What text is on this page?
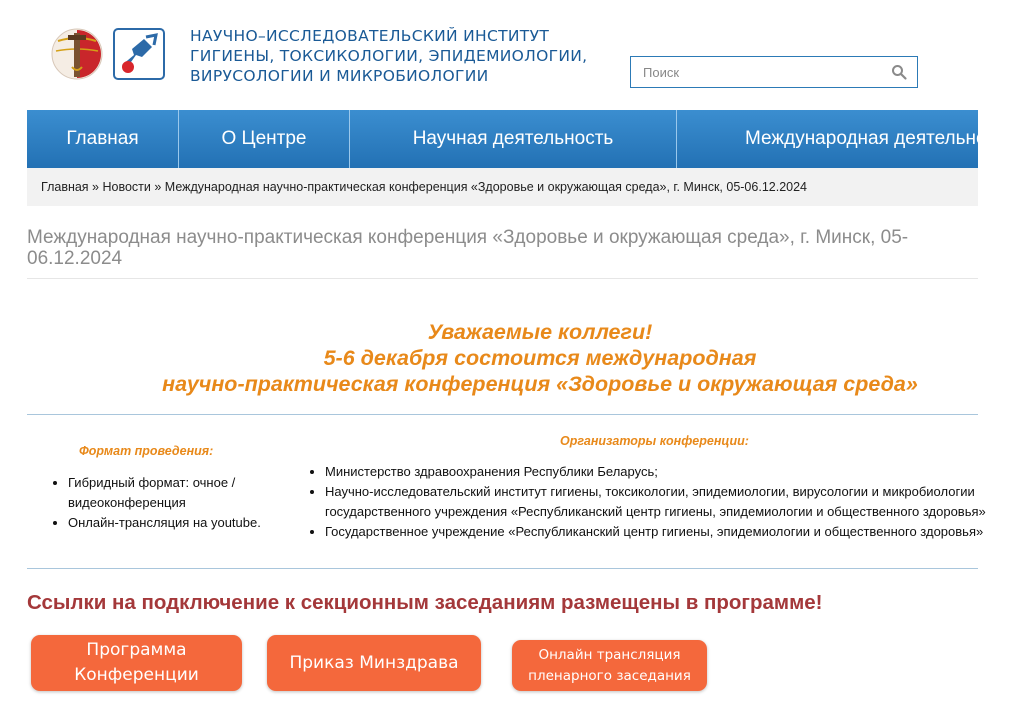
НАУЧНО–ИССЛЕДОВАТЕЛЬСКИЙ ИНСТИТУТ
ГИГИЕНЫ, ТОКСИКОЛОГИИ, ЭПИДЕМИОЛОГИИ,
ВИРУСОЛОГИИ И МИКРОБИОЛОГИИ
Поиск
Главная	О Центре	Научная деятельность	Международная деятельность
Главная » Новости » Международная научно-практическая конференция «Здоровье и окружающая среда», г. Минск, 05-06.12.2024
Международная научно-практическая конференция «Здоровье и окружающая среда», г. Минск, 05-06.12.2024
Уважаемые коллеги!
5-6 декабря состоится международная
научно-практическая конференция «Здоровье и окружающая среда»
Формат проведения:
• Гибридный формат: очное / видеоконференция
• Онлайн-трансляция на youtube.
Организаторы конференции:
• Министерство здравоохранения Республики Беларусь;
• Научно-исследовательский институт гигиены, токсикологии, эпидемиологии, вирусологии и микробиологии
государственного учреждения «Республиканский центр гигиены, эпидемиологии и общественного здоровья»
• Государственное учреждение «Республиканский центр гигиены, эпидемиологии и общественного здоровья»
Ссылки на подключение к секционным заседаниям размещены в программе!
Программа
Конференции
Приказ Минздрава	Онлайн трансляция
пленарного заседания
